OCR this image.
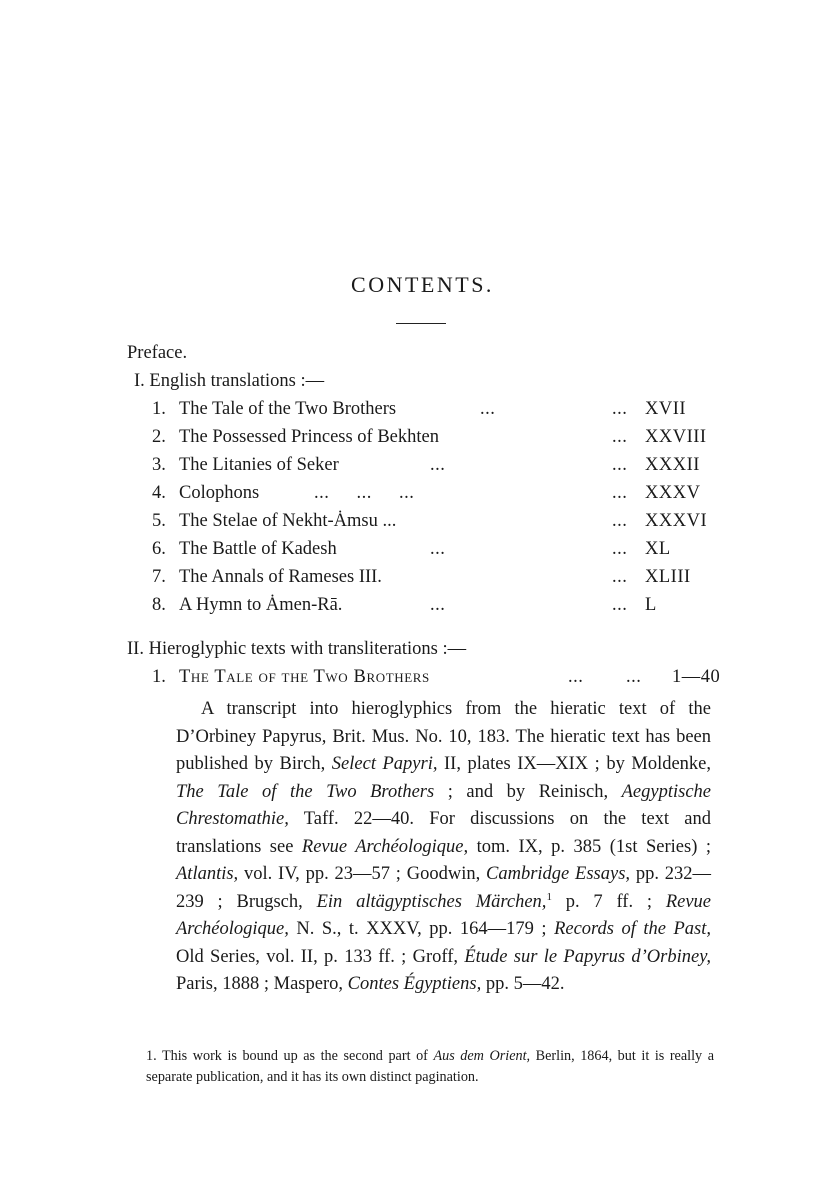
CONTENTS.
Preface.
I. English translations :—
1. The Tale of the Two Brothers	...	... XVII
2. The Possessed Princess of Bekhten	... XXVIII
3. The Litanies of Seker	...	... XXXII
4. Colophons	... ... ...	... XXXV
5. The Stelae of Nekht-Ȧmsu ...	... XXXVI
6. The Battle of Kadesh	...	... XL
7. The Annals of Rameses III.	... XLIII
8. A Hymn to Ȧmen-Rā.	...	... L
II. Hieroglyphic texts with transliterations :—
1. The Tale of the Two Brothers	... ... 1—40
A transcript into hieroglyphics from the hieratic text of the D’Orbiney Papyrus, Brit. Mus. No. 10, 183. The hieratic text has been published by Birch, Select Papyri, II, plates IX—XIX ; by Moldenke, The Tale of the Two Brothers ; and by Reinisch, Aegyptische Chrestomathie, Taff. 22—40. For discussions on the text and translations see Revue Archéologique, tom. IX, p. 385 (1st Series) ; Atlantis, vol. IV, pp. 23—57 ; Goodwin, Cambridge Essays, pp. 232—239 ; Brugsch, Ein altägyptisches Märchen,$^1$ p. 7 ff. ; Revue Archéologique, N. S., t. XXXV, pp. 164—179 ; Records of the Past, Old Series, vol. II, p. 133 ff. ; Groff, Étude sur le Papyrus d’Orbiney, Paris, 1888 ; Maspero, Contes Égyptiens, pp. 5—42.
1. This work is bound up as the second part of Aus dem Orient, Berlin, 1864, but it is really a separate publication, and it has its own distinct pagination.
